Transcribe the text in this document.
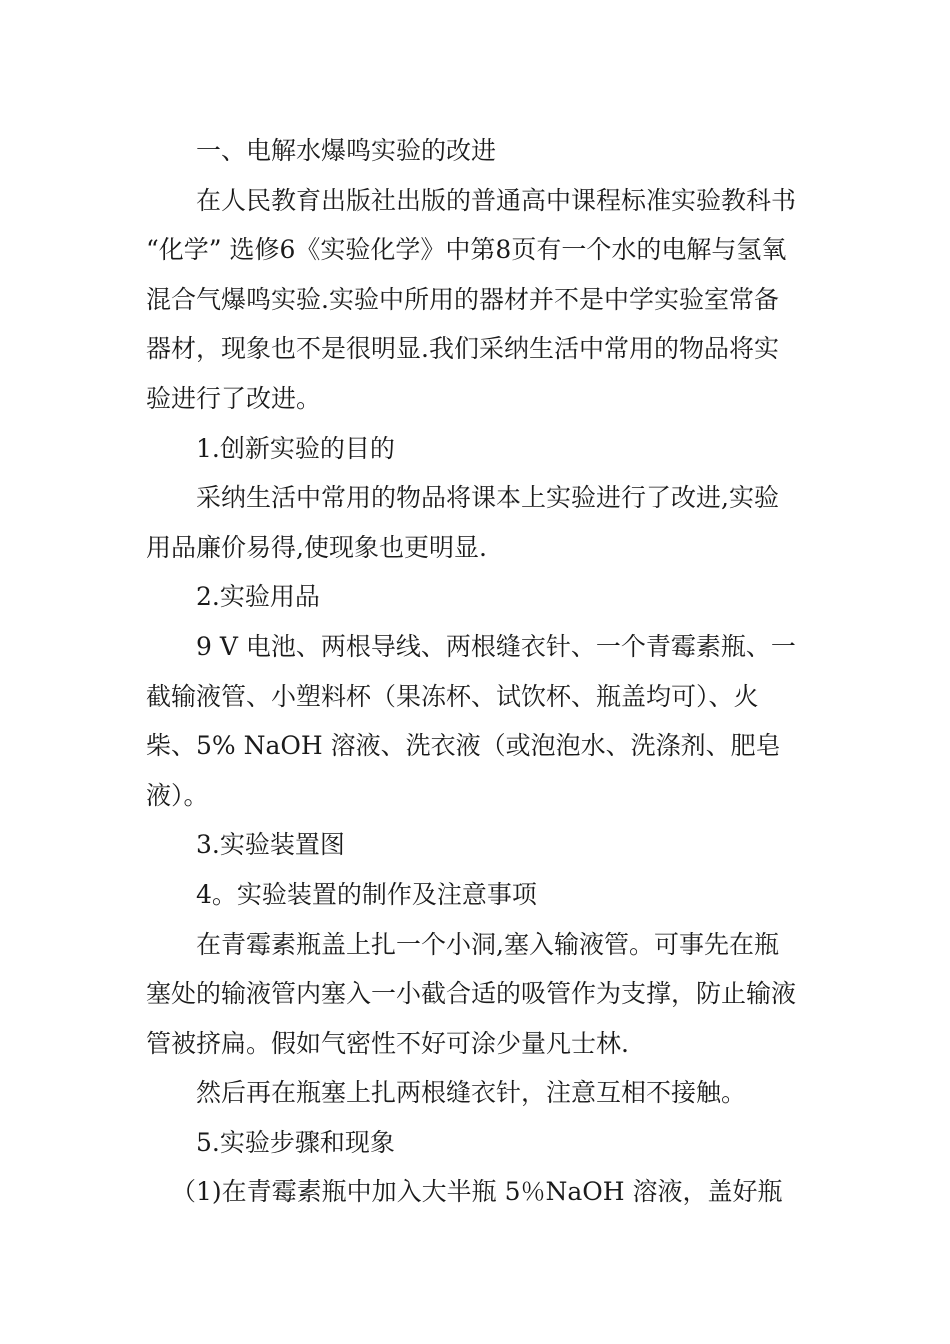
一、电解水爆鸣实验的改进

在人民教育出版社出版的普通高中课程标准实验教科书 “化学” 选修6《实验化学》中第8页有一个水的电解与氢氧混合气爆鸣实验.实验中所用的器材并不是中学实验室常备器材，现象也不是很明显.我们采纳生活中常用的物品将实验进行了改进。

1.创新实验的目的

采纳生活中常用的物品将课本上实验进行了改进,实验用品廉价易得,使现象也更明显.

2.实验用品

9 V 电池、两根导线、两根缝衣针、一个青霉素瓶、一截输液管、小塑料杯（果冻杯、试饮杯、瓶盖均可）、火柴、5% NaOH 溶液、洗衣液（或泡泡水、洗涤剂、肥皂液）。

3.实验装置图

4。实验装置的制作及注意事项

在青霉素瓶盖上扎一个小洞,塞入输液管。可事先在瓶塞处的输液管内塞入一小截合适的吸管作为支撑，防止输液管被挤扁。假如气密性不好可涂少量凡士林.

然后再在瓶塞上扎两根缝衣针，注意互相不接触。

5.实验步骤和现象

（1)在青霉素瓶中加入大半瓶 5％NaOH 溶液，盖好瓶
